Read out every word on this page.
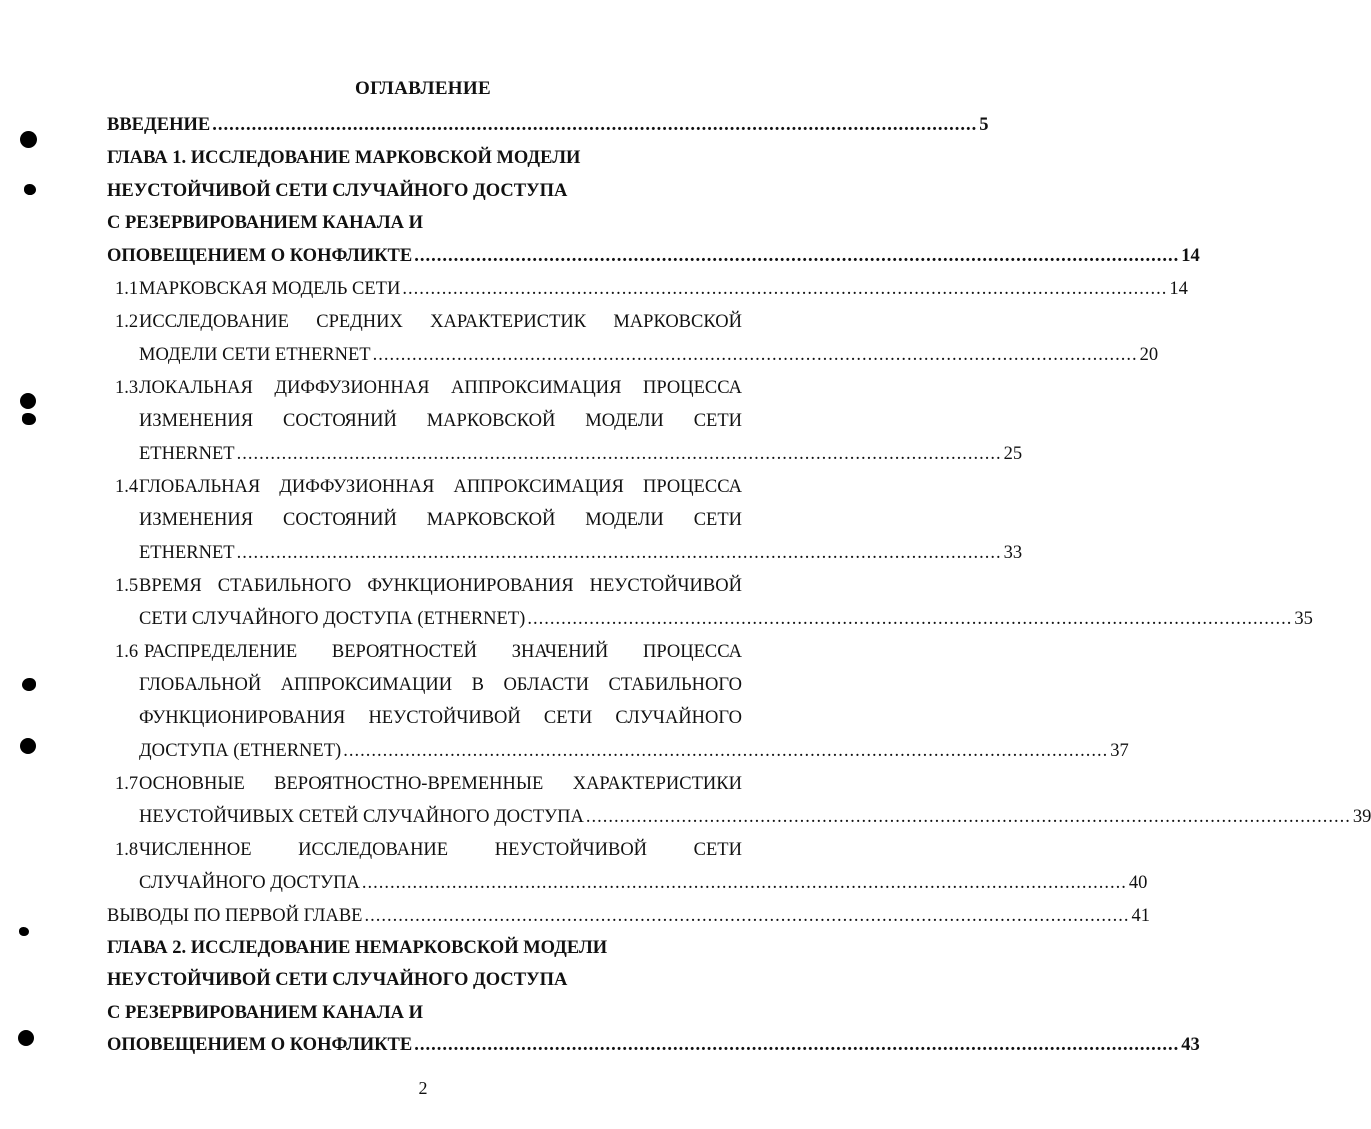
ОГЛАВЛЕНИЕ
ВВЕДЕНИЕ ........................................................................................................................................ 5
ГЛАВА 1. ИССЛЕДОВАНИЕ МАРКОВСКОЙ МОДЕЛИ
НЕУСТОЙЧИВОЙ СЕТИ СЛУЧАЙНОГО ДОСТУПА
С РЕЗЕРВИРОВАНИЕМ КАНАЛА И
ОПОВЕЩЕНИЕМ О КОНФЛИКТЕ ........................................................................................................................................ 14
1.1 МАРКОВСКАЯ МОДЕЛЬ СЕТИ ........................................................................................................................................ 14
1.2 ИССЛЕДОВАНИЕ СРЕДНИХ ХАРАКТЕРИСТИК МАРКОВСКОЙ
МОДЕЛИ СЕТИ ETHERNET ........................................................................................................................................ 20
1.3 ЛОКАЛЬНАЯ ДИФФУЗИОННАЯ АППРОКСИМАЦИЯ ПРОЦЕССА
ИЗМЕНЕНИЯ СОСТОЯНИЙ МАРКОВСКОЙ МОДЕЛИ СЕТИ
ETHERNET ........................................................................................................................................ 25
1.4 ГЛОБАЛЬНАЯ ДИФФУЗИОННАЯ АППРОКСИМАЦИЯ ПРОЦЕССА
ИЗМЕНЕНИЯ СОСТОЯНИЙ МАРКОВСКОЙ МОДЕЛИ СЕТИ
ETHERNET ........................................................................................................................................ 33
1.5 ВРЕМЯ СТАБИЛЬНОГО ФУНКЦИОНИРОВАНИЯ НЕУСТОЙЧИВОЙ
СЕТИ СЛУЧАЙНОГО ДОСТУПА (ETHERNET) ........................................................................................................................................ 35
1.6 РАСПРЕДЕЛЕНИЕ ВЕРОЯТНОСТЕЙ ЗНАЧЕНИЙ ПРОЦЕССА
ГЛОБАЛЬНОЙ АППРОКСИМАЦИИ В ОБЛАСТИ СТАБИЛЬНОГО
ФУНКЦИОНИРОВАНИЯ НЕУСТОЙЧИВОЙ СЕТИ СЛУЧАЙНОГО
ДОСТУПА (ETHERNET) ........................................................................................................................................ 37
1.7 ОСНОВНЫЕ ВЕРОЯТНОСТНО-ВРЕМЕННЫЕ ХАРАКТЕРИСТИКИ
НЕУСТОЙЧИВЫХ СЕТЕЙ СЛУЧАЙНОГО ДОСТУПА ........................................................................................................................................ 39
1.8 ЧИСЛЕННОЕ	ИССЛЕДОВАНИЕ	НЕУСТОЙЧИВОЙ	СЕТИ
СЛУЧАЙНОГО ДОСТУПА ........................................................................................................................................ 40
ВЫВОДЫ ПО ПЕРВОЙ ГЛАВЕ ........................................................................................................................................ 41
ГЛАВА 2. ИССЛЕДОВАНИЕ НЕМАРКОВСКОЙ МОДЕЛИ
НЕУСТОЙЧИВОЙ СЕТИ СЛУЧАЙНОГО ДОСТУПА
С РЕЗЕРВИРОВАНИЕМ КАНАЛА И
ОПОВЕЩЕНИЕМ О КОНФЛИКТЕ ........................................................................................................................................ 43
2
